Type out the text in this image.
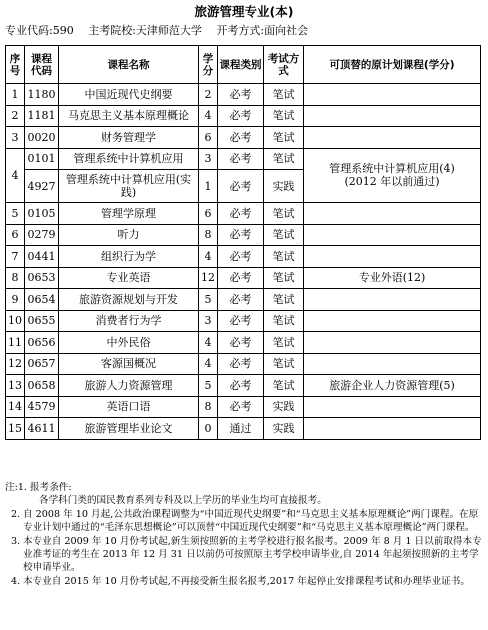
旅游管理专业(本)
专业代码:590 主考院校:天津师范大学 开考方式:面向社会
序号	课程代码	课程名称	学分	课程类别	考试方式	可顶替的原计划课程(学分)
1	1180	中国近现代史纲要	2	必考	笔试	
2	1181	马克思主义基本原理概论	4	必考	笔试	
3	0020	财务管理学	6	必考	笔试	
4	0101	管理系统中计算机应用	3	必考	笔试	管理系统中计算机应用(4)
(2012 年以前通过)
	4927	管理系统中计算机应用(实践)	1	必考	实践	
5	0105	管理学原理	6	必考	笔试	
6	0279	听力	8	必考	笔试	
7	0441	组织行为学	4	必考	笔试	
8	0653	专业英语	12	必考	笔试	专业外语(12)
9	0654	旅游资源规划与开发	5	必考	笔试	
10	0655	消费者行为学	3	必考	笔试	
11	0656	中外民俗	4	必考	笔试	
12	0657	客源国概况	4	必考	笔试	
13	0658	旅游人力资源管理	5	必考	笔试	旅游企业人力资源管理(5)
14	4579	英语口语	8	必考	实践	
15	4611	旅游管理毕业论文	0	通过	实践	
注:1. 报考条件:
各学科门类的国民教育系列专科及以上学历的毕业生均可直接报考。
2. 自 2008 年 10 月起,公共政治课程调整为“中国近现代史纲要”和“马克思主义基本原理概论”两门课程。在原专业计划中通过的“毛泽东思想概论”可以顶替“中国近现代史纲要”和“马克思主义基本原理概论”两门课程。
3. 本专业自 2009 年 10 月份考试起,新生须按照新的主考学校进行报名报考。2009 年 8 月 1 日以前取得本专业准考证的考生在 2013 年 12 月 31 日以前仍可按照原主考学校申请毕业,自 2014 年起须按照新的主考学校申请毕业。
4. 本专业自 2015 年 10 月份考试起,不再接受新生报名报考,2017 年起停止安排课程考试和办理毕业证书。
